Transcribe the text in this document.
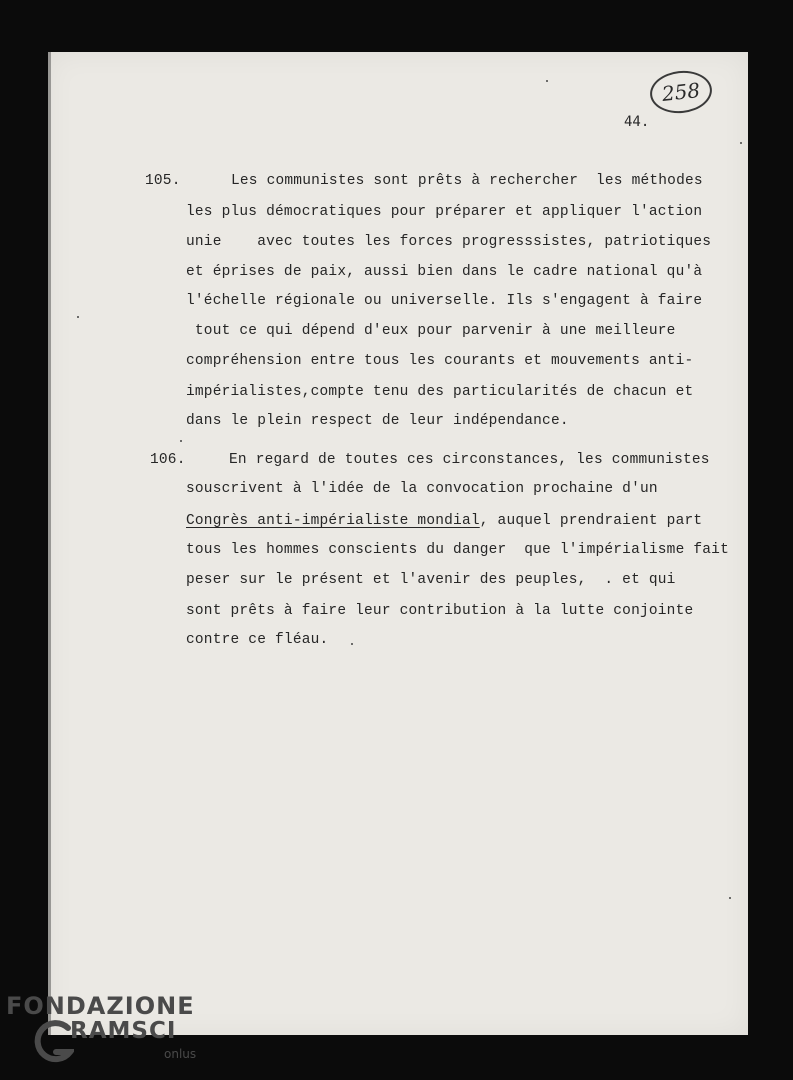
258
44.
105.	Les communistes sont prêts à rechercher  les méthodes
les plus démocratiques pour préparer et appliquer l'action
unie    avec toutes les forces progresssistes, patriotiques
et éprises de paix, aussi bien dans le cadre national qu'à
l'échelle régionale ou universelle. Ils s'engagent à faire
tout ce qui dépend d'eux pour parvenir à une meilleure
compréhension entre tous les courants et mouvements anti-
impérialistes,compte tenu des particularités de chacun et
dans le plein respect de leur indépendance.
106.	En regard de toutes ces circonstances, les communistes
souscrivent à l'idée de la convocation prochaine d'un
Congrès anti-impérialiste mondial, auquel prendraient part
tous les hommes conscients du danger  que l'impérialisme fait
peser sur le présent et l'avenir des peuples,  . et qui
sont prêts à faire leur contribution à la lutte conjointe
contre ce fléau.
FONDAZIONE
RAMSCI
onlus
